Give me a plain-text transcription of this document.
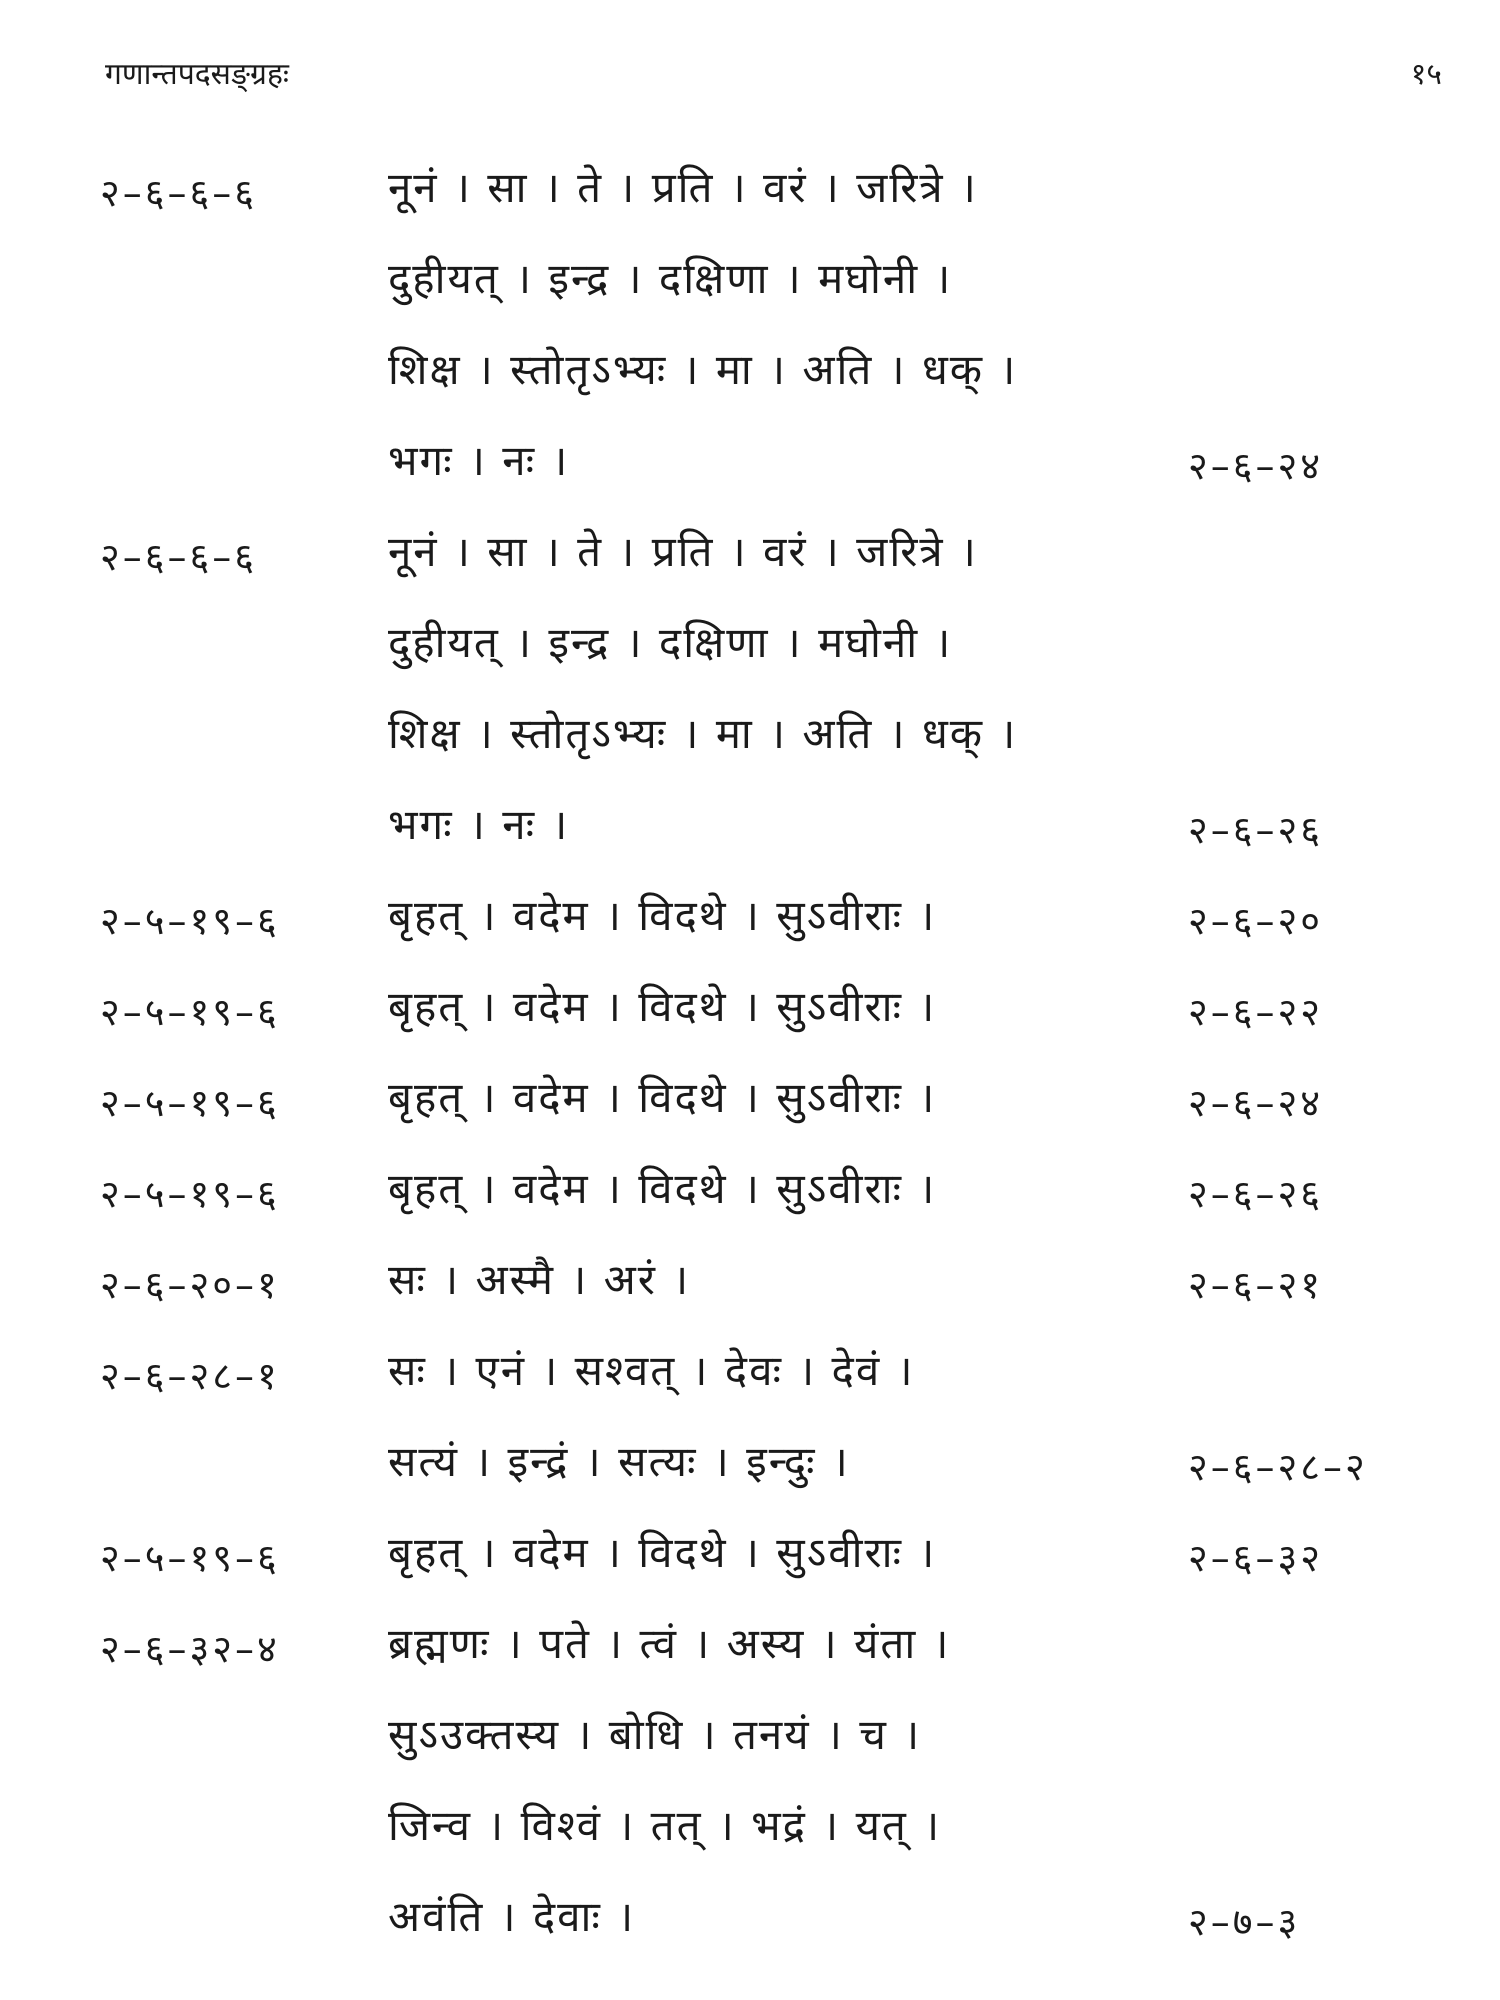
गणान्तपदसङ्ग्रहः	१५
२–६–६–६	नूनं । सा । ते । प्रति । वरं । जरित्रे ।
दुहीयत् । इन्द्र । दक्षिणा । मघोनी ।
शिक्ष । स्तोतृऽभ्यः । मा । अति । धक् ।
भगः । नः ।	२–६–२४
२–६–६–६	नूनं । सा । ते । प्रति । वरं । जरित्रे ।
दुहीयत् । इन्द्र । दक्षिणा । मघोनी ।
शिक्ष । स्तोतृऽभ्यः । मा । अति । धक् ।
भगः । नः ।	२–६–२६
२–५–१९–६	बृहत् । वदेम । विदथे । सुऽवीराः ।	२–६–२०
२–५–१९–६	बृहत् । वदेम । विदथे । सुऽवीराः ।	२–६–२२
२–५–१९–६	बृहत् । वदेम । विदथे । सुऽवीराः ।	२–६–२४
२–५–१९–६	बृहत् । वदेम । विदथे । सुऽवीराः ।	२–६–२६
२–६–२०–१	सः । अस्मै । अरं ।	२–६–२१
२–६–२८–१	सः । एनं । सश्वत् । देवः । देवं ।
सत्यं । इन्द्रं । सत्यः । इन्दुः ।	२–६–२८–२
२–५–१९–६	बृहत् । वदेम । विदथे । सुऽवीराः ।	२–६–३२
२–६–३२–४	ब्रह्मणः । पते । त्वं । अस्य । यंता ।
सुऽउक्तस्य । बोधि । तनयं । च ।
जिन्व । विश्वं । तत् । भद्रं । यत् ।
अवंति । देवाः ।	२–७–३
